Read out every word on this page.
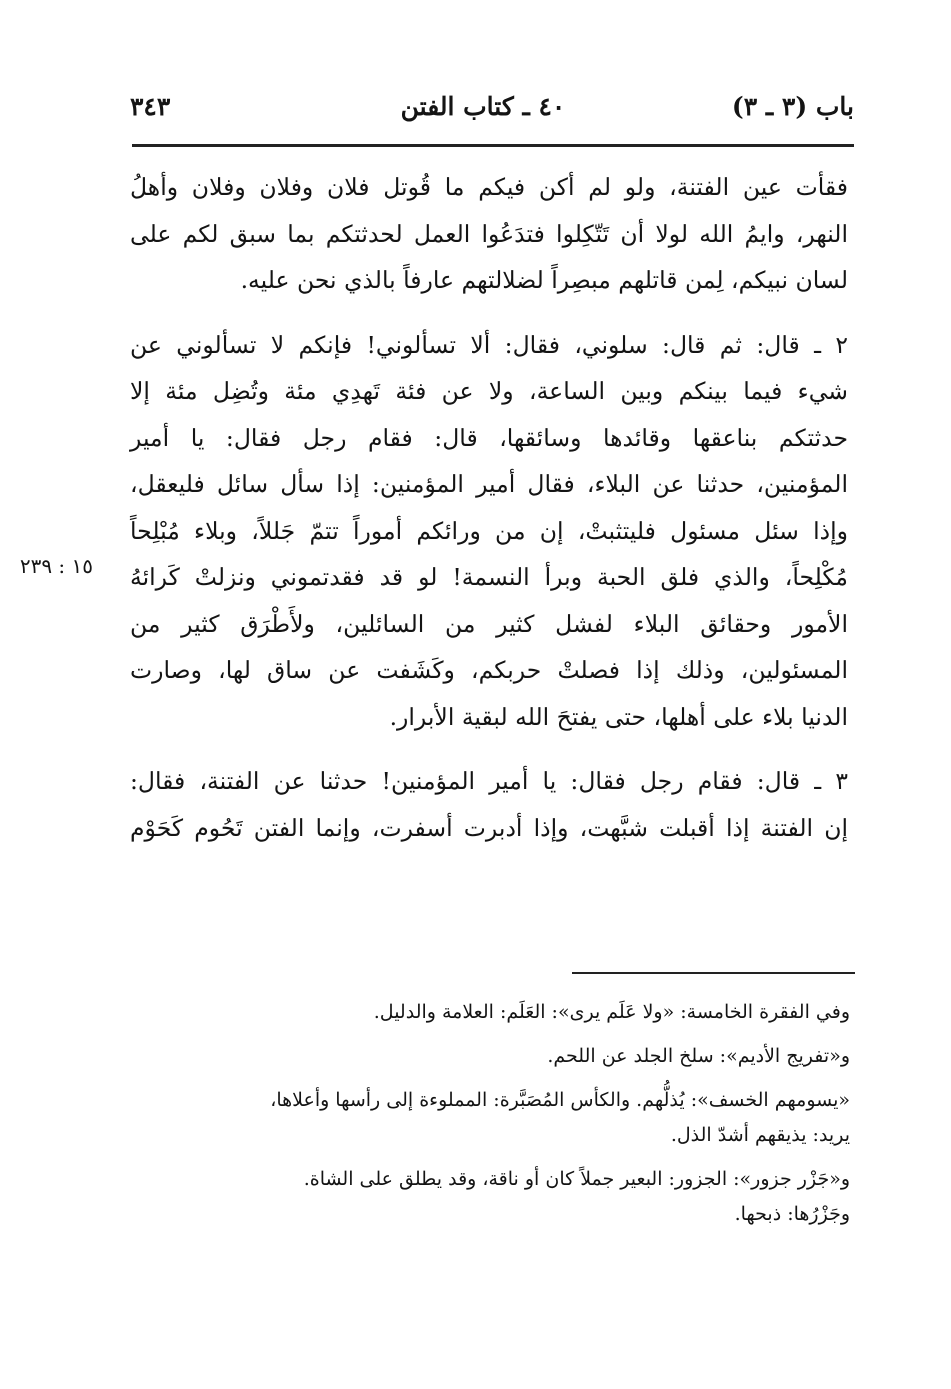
باب (٣ ـ ٣)
٤٠ ـ كتاب الفتن
٣٤٣

فقأت عين الفتنة، ولو لم أكن فيكم ما قُوتل فلان وفلان وفلان وأهلُ

النهر، وايمُ الله لولا أن تَتّكِلوا فتدَعُوا العمل لحدثتكم بما سبق لكم على

لسان نبيكم، لِمن قاتلهم مبصِراً لضلالتهم عارفاً بالذي نحن عليه.

٢ ـ قال: ثم قال: سلوني، فقال: ألا تسألوني! فإنكم لا تسألوني عن

شيء فيما بينكم وبين الساعة، ولا عن فئة تَهدِي مئة وتُضِل مئة إلا

حدثتكم بناعقها وقائدها وسائقها، قال: فقام رجل فقال: يا أمير

المؤمنين، حدثنا عن البلاء، فقال أمير المؤمنين: إذا سأل سائل فليعقل،

وإذا سئل مسئول فليتثبتْ، إن من ورائكم أموراً تتمّ جَللاً، وبلاء مُبْلِحاً

مُكْلِحاً، والذي فلق الحبة وبرأ النسمة! لو قد فقدتموني ونزلتْ كَرائهُ

الأمور وحقائق البلاء لفشل كثير من السائلين، ولأَطْرَق كثير من

المسئولين، وذلك إذا فصلتْ حربكم، وكَشَفت عن ساق لها، وصارت

الدنيا بلاء على أهلها، حتى يفتحَ الله لبقية الأبرار.

٣ ـ قال: فقام رجل فقال: يا أمير المؤمنين! حدثنا عن الفتنة، فقال:

إن الفتنة إذا أقبلت شبَّهت، وإذا أدبرت أسفرت، وإنما الفتن تَحُوم كَحَوْم

١٥ : ٢٣٩

وفي الفقرة الخامسة: «ولا عَلَم يرى»: العَلَم: العلامة والدليل.

و«تفريج الأديم»: سلخ الجلد عن اللحم.

«يسومهم الخسف»: يُذلُّهم. والكأس المُصَبَّرة: المملوءة إلى رأسها وأعلاها،

يريد: يذيقهم أشدّ الذل.

و«جَزْر جزور»: الجزور: البعير جملاً كان أو ناقة، وقد يطلق على الشاة.

وجَزْرُها: ذبحها.
